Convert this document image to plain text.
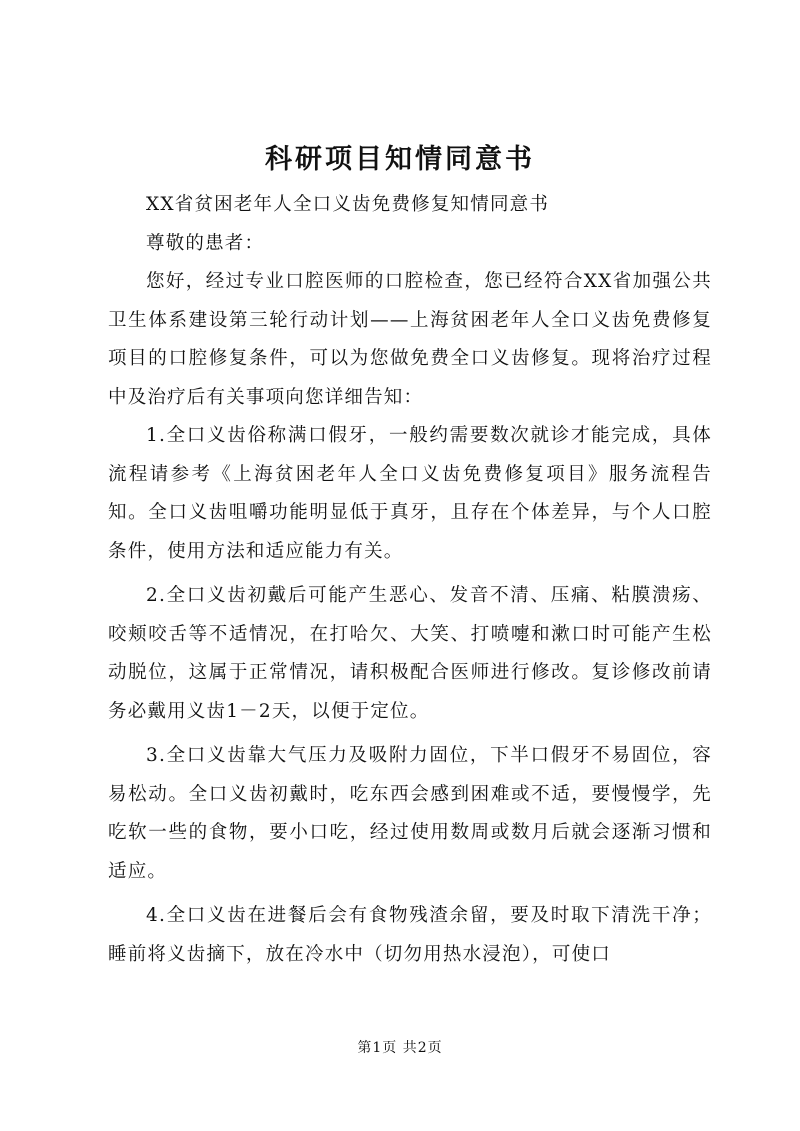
科研项目知情同意书

XX省贫困老年人全口义齿免费修复知情同意书

尊敬的患者：

您好，经过专业口腔医师的口腔检查，您已经符合XX省加强公共卫生体系建设第三轮行动计划——上海贫困老年人全口义齿免费修复项目的口腔修复条件，可以为您做免费全口义齿修复。现将治疗过程中及治疗后有关事项向您详细告知：

1.全口义齿俗称满口假牙，一般约需要数次就诊才能完成，具体流程请参考《上海贫困老年人全口义齿免费修复项目》服务流程告知。全口义齿咀嚼功能明显低于真牙，且存在个体差异，与个人口腔条件，使用方法和适应能力有关。

2.全口义齿初戴后可能产生恶心、发音不清、压痛、粘膜溃疡、咬颊咬舌等不适情况，在打哈欠、大笑、打喷嚏和漱口时可能产生松动脱位，这属于正常情况，请积极配合医师进行修改。复诊修改前请务必戴用义齿1－2天，以便于定位。

3.全口义齿靠大气压力及吸附力固位，下半口假牙不易固位，容易松动。全口义齿初戴时，吃东西会感到困难或不适，要慢慢学，先吃软一些的食物，要小口吃，经过使用数周或数月后就会逐渐习惯和适应。

4.全口义齿在进餐后会有食物残渣余留，要及时取下清洗干净；睡前将义齿摘下，放在冷水中（切勿用热水浸泡），可使口

第1页 共2页
